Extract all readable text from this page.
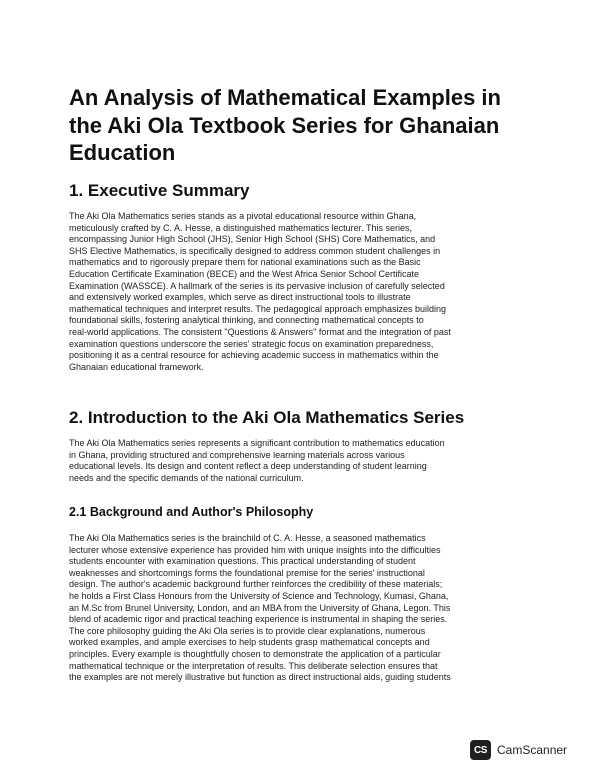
An Analysis of Mathematical Examples in the Aki Ola Textbook Series for Ghanaian Education
1. Executive Summary

The Aki Ola Mathematics series stands as a pivotal educational resource within Ghana,
meticulously crafted by C. A. Hesse, a distinguished mathematics lecturer. This series,
encompassing Junior High School (JHS), Senior High School (SHS) Core Mathematics, and
SHS Elective Mathematics, is specifically designed to address common student challenges in
mathematics and to rigorously prepare them for national examinations such as the Basic
Education Certificate Examination (BECE) and the West Africa Senior School Certificate
Examination (WASSCE). A hallmark of the series is its pervasive inclusion of carefully selected
and extensively worked examples, which serve as direct instructional tools to illustrate
mathematical techniques and interpret results. The pedagogical approach emphasizes building
foundational skills, fostering analytical thinking, and connecting mathematical concepts to
real-world applications. The consistent "Questions & Answers" format and the integration of past
examination questions underscore the series' strategic focus on examination preparedness,
positioning it as a central resource for achieving academic success in mathematics within the
Ghanaian educational framework.

2. Introduction to the Aki Ola Mathematics Series

The Aki Ola Mathematics series represents a significant contribution to mathematics education
in Ghana, providing structured and comprehensive learning materials across various
educational levels. Its design and content reflect a deep understanding of student learning
needs and the specific demands of the national curriculum.

2.1 Background and Author's Philosophy

The Aki Ola Mathematics series is the brainchild of C. A. Hesse, a seasoned mathematics
lecturer whose extensive experience has provided him with unique insights into the difficulties
students encounter with examination questions. This practical understanding of student
weaknesses and shortcomings forms the foundational premise for the series' instructional
design. The author's academic background further reinforces the credibility of these materials;
he holds a First Class Honours from the University of Science and Technology, Kumasi, Ghana,
an M.Sc from Brunel University, London, and an MBA from the University of Ghana, Legon. This
blend of academic rigor and practical teaching experience is instrumental in shaping the series.
The core philosophy guiding the Aki Ola series is to provide clear explanations, numerous
worked examples, and ample exercises to help students grasp mathematical concepts and
principles. Every example is thoughtfully chosen to demonstrate the application of a particular
mathematical technique or the interpretation of results. This deliberate selection ensures that
the examples are not merely illustrative but function as direct instructional aids, guiding students

CS CamScanner
